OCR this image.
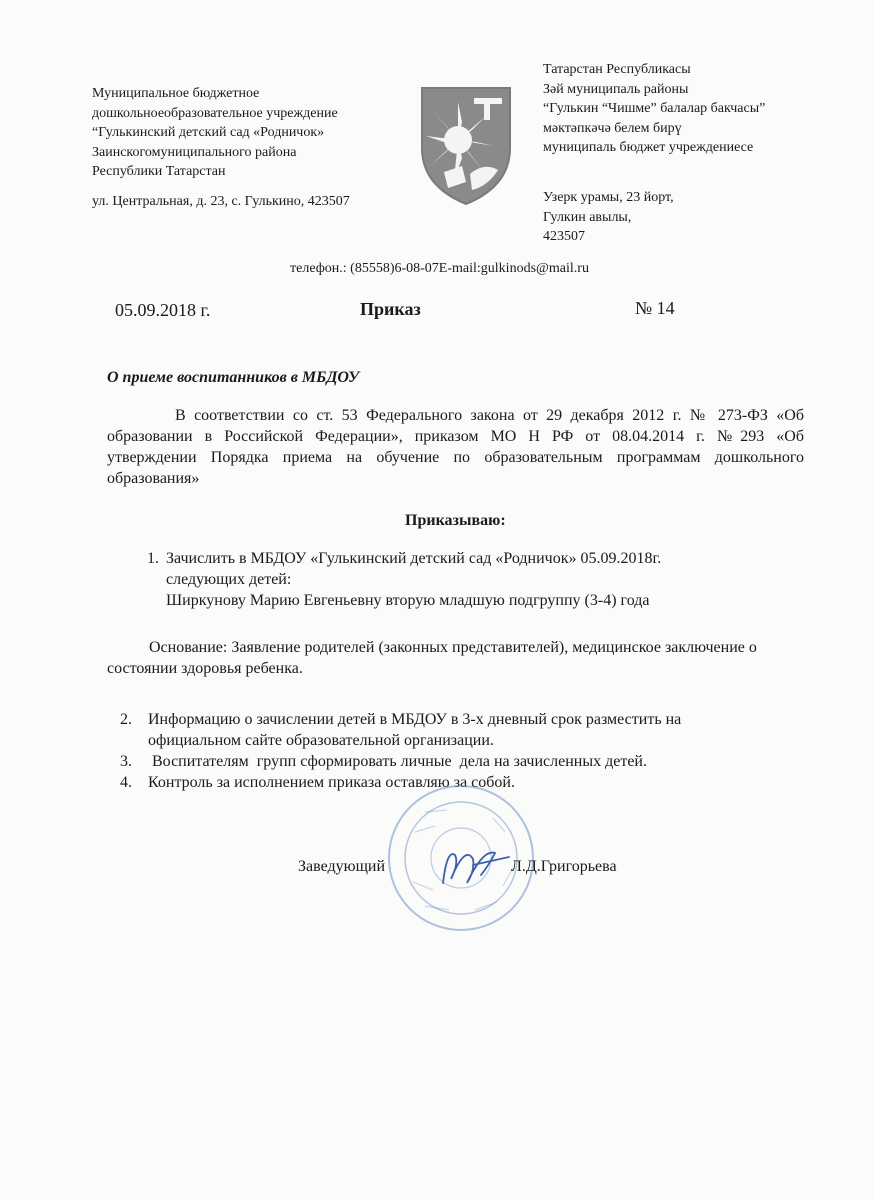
Муниципальное бюджетное
дошкольноеобразовательное учреждение
“Гулькинский детский сад «Родничок»
Заинскогомуниципального района
Республики Татарстан
ул. Центральная, д. 23, с. Гулькино, 423507
Татарстан Республикасы
Зәй муниципаль районы
“Гулькин “Чишме” балалар бакчасы”
мәктәпкәчә белем бирү
муниципаль бюджет учреждениесе
Узерк урамы, 23 йорт,
Гулкин авылы,
423507
телефон.: (85558)6-08-07E-mail:gulkinods@mail.ru
05.09.2018 г.	Приказ	№ 14
О приеме воспитанников в МБДОУ
В соответствии со ст. 53 Федерального закона от 29 декабря 2012 г. № 273-ФЗ «Об
образовании в Российской Федерации», приказом МО Н РФ от 08.04.2014 г. №293 «Об
утверждении Порядка приема на обучение по образовательным программам дошкольного
образования»
Приказываю:
1. Зачислить в МБДОУ «Гулькинский детский сад «Родничок» 05.09.2018г.
следующих детей:
Ширкунову Марию Евгеньевну вторую младшую подгруппу (3-4) года
Основание: Заявление родителей (законных представителей), медицинское заключение о
состоянии здоровья ребенка.
2. Информацию о зачислении детей в МБДОУ в 3-х дневный срок разместить на
официальном сайте образовательной организации.
3. Воспитателям  групп сформировать личные  дела на зачисленных детей.
4. Контроль за исполнением приказа оставляю за собой.
Заведующий	Л.Д.Григорьева
